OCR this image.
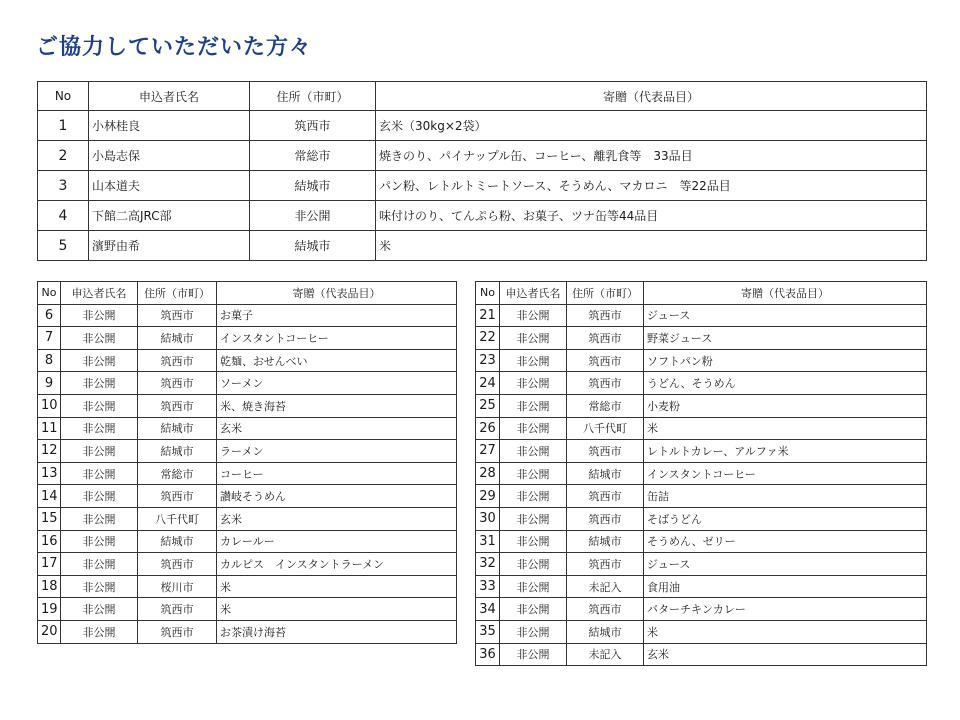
ご協力していただいた方々
No	申込者氏名	住所（市町）	寄贈（代表品目）
1	小林桂良	筑西市	玄米（30kg×2袋）
2	小島志保	常総市	焼きのり、パイナップル缶、コーヒー、離乳食等　33品目
3	山本道夫	結城市	パン粉、レトルトミートソース、そうめん、マカロニ　等22品目
4	下館二高JRC部	非公開	味付けのり、てんぷら粉、お菓子、ツナ缶等44品目
5	濱野由希	結城市	米
No	申込者氏名	住所（市町）	寄贈（代表品目）
6	非公開	筑西市	お菓子
7	非公開	結城市	インスタントコーヒー
8	非公開	筑西市	乾麺、おせんべい
9	非公開	筑西市	ソーメン
10	非公開	筑西市	米、焼き海苔
11	非公開	結城市	玄米
12	非公開	結城市	ラーメン
13	非公開	常総市	コーヒー
14	非公開	筑西市	讃岐そうめん
15	非公開	八千代町	玄米
16	非公開	結城市	カレールー
17	非公開	筑西市	カルピス　インスタントラーメン
18	非公開	桜川市	米
19	非公開	筑西市	米
20	非公開	筑西市	お茶漬け海苔
No	申込者氏名	住所（市町）	寄贈（代表品目）
21	非公開	筑西市	ジュース
22	非公開	筑西市	野菜ジュース
23	非公開	筑西市	ソフトパン粉
24	非公開	筑西市	うどん、そうめん
25	非公開	常総市	小麦粉
26	非公開	八千代町	米
27	非公開	筑西市	レトルトカレー、アルファ米
28	非公開	結城市	インスタントコーヒー
29	非公開	筑西市	缶詰
30	非公開	筑西市	そばうどん
31	非公開	結城市	そうめん、ゼリー
32	非公開	筑西市	ジュース
33	非公開	未記入	食用油
34	非公開	筑西市	バターチキンカレー
35	非公開	結城市	米
36	非公開	未記入	玄米
